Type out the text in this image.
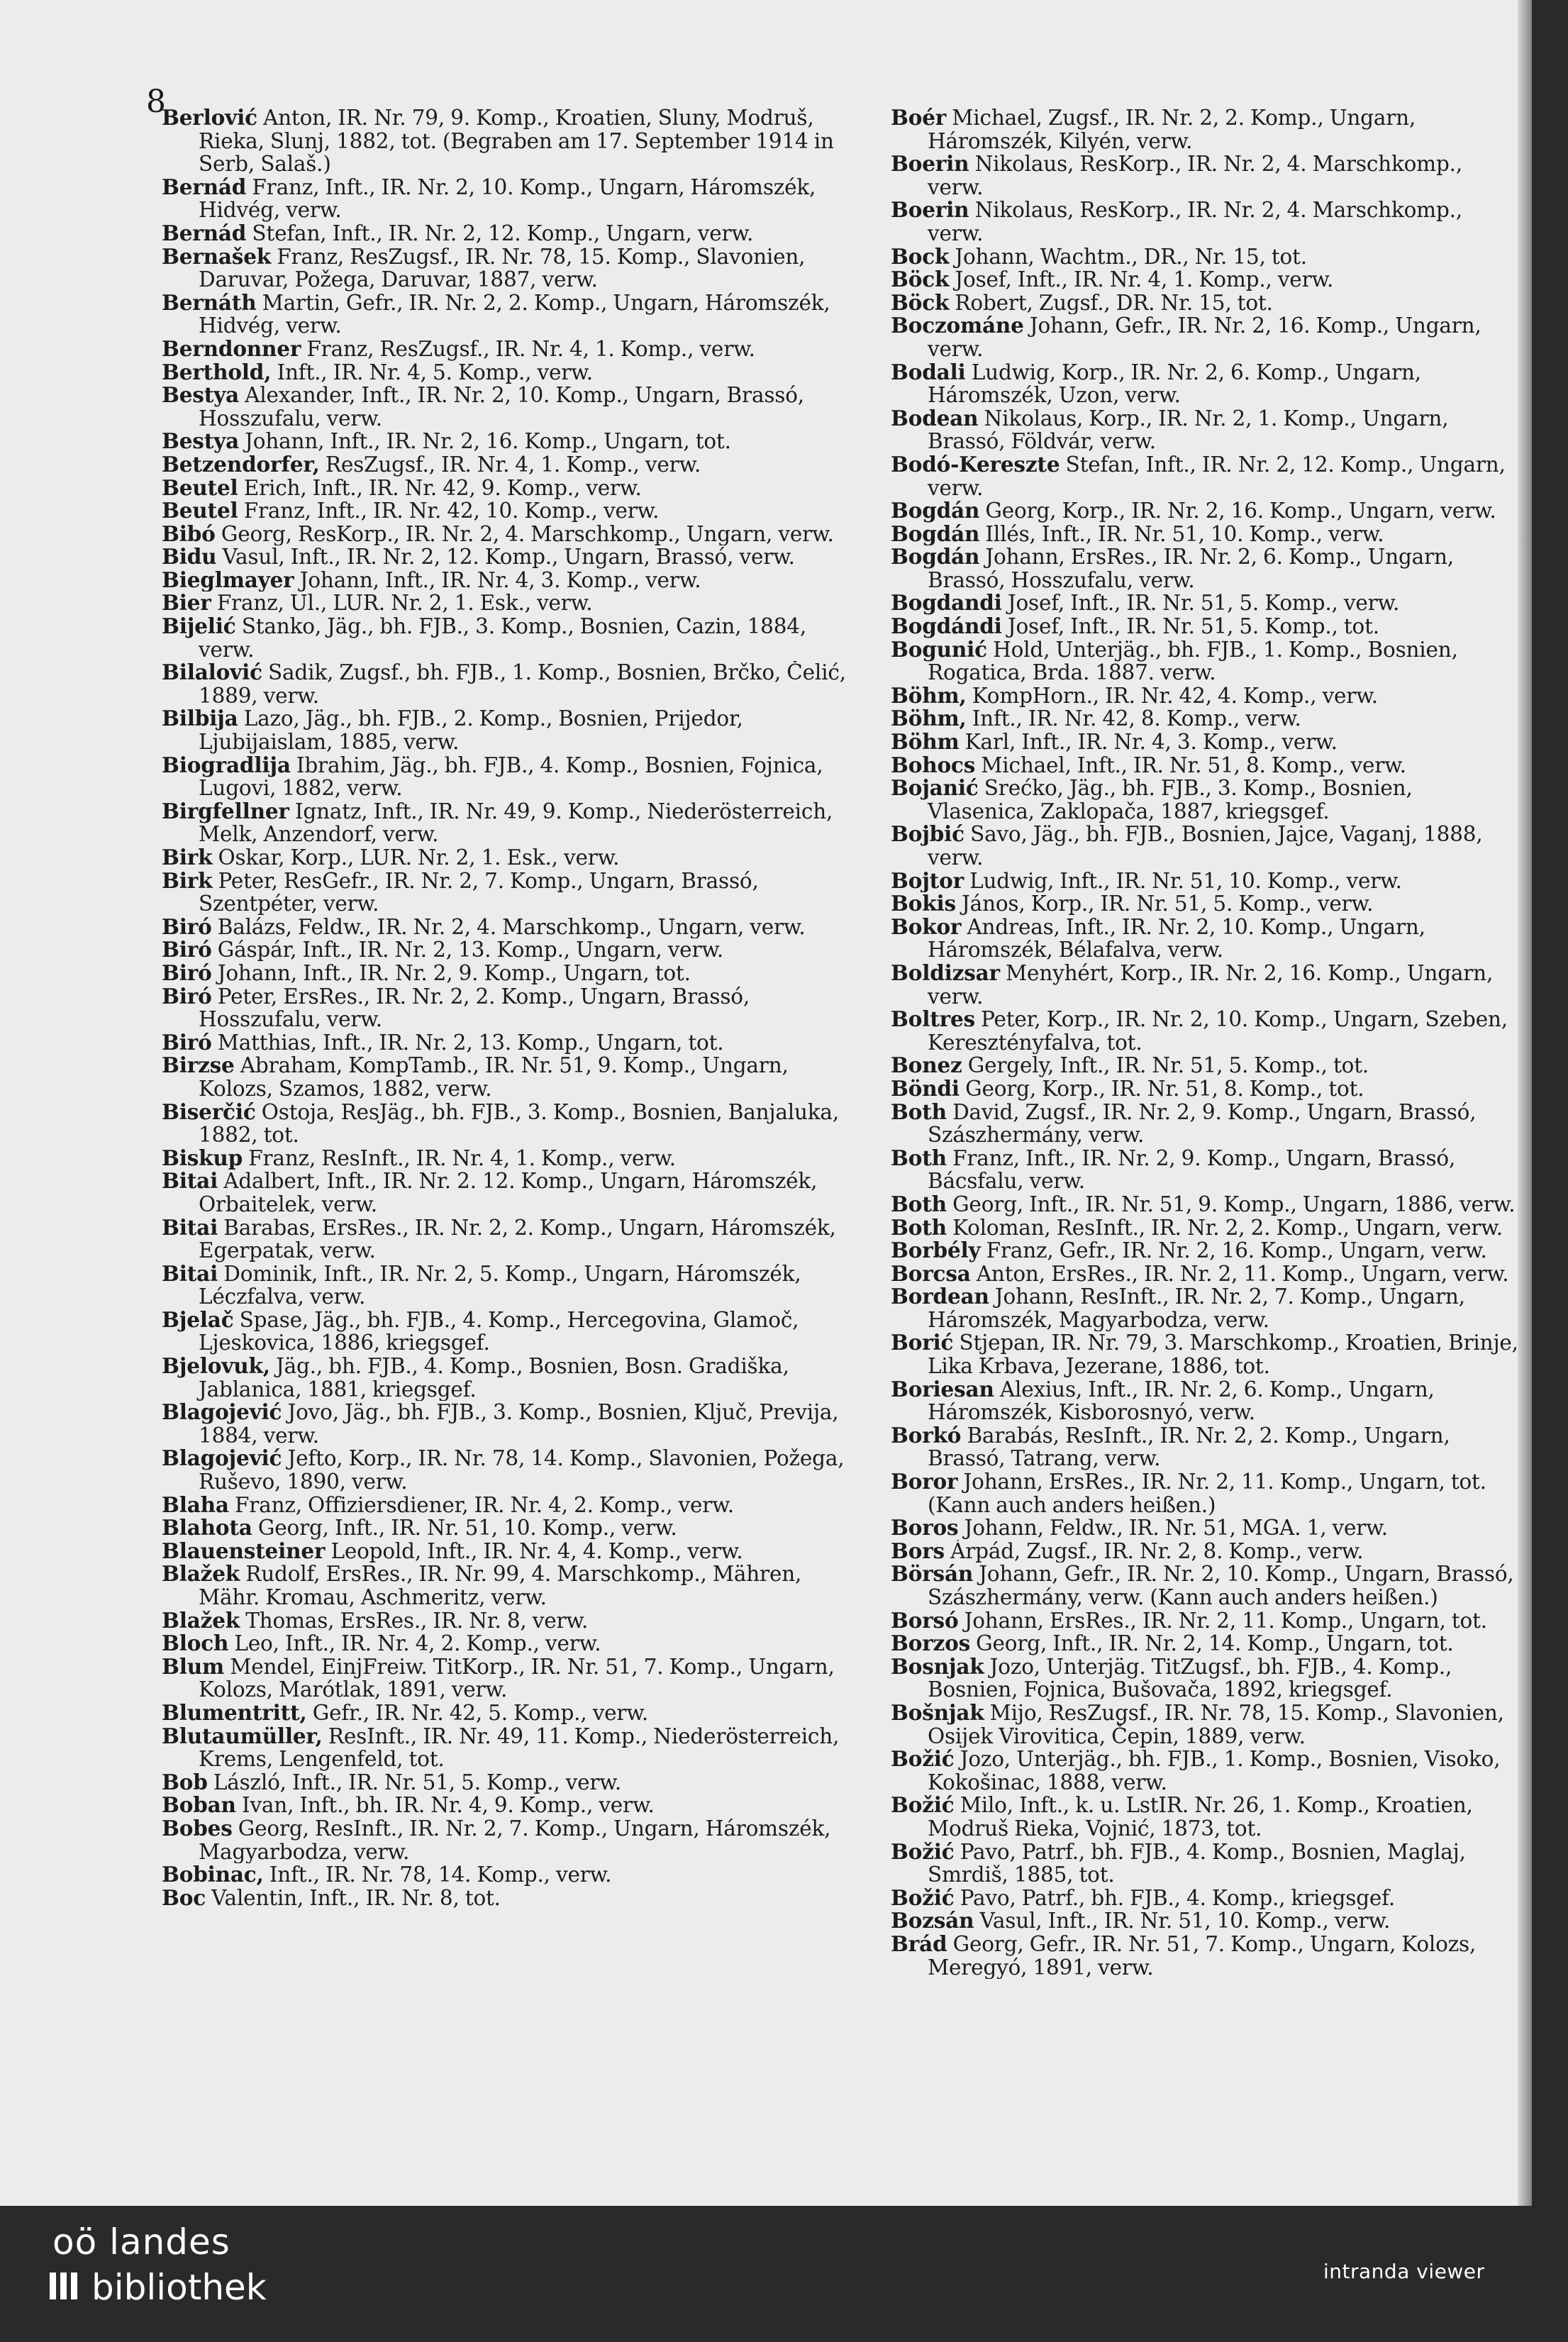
8
Berlović Anton, IR. Nr. 79, 9. Komp., Kroatien, Sluny, Modruš, Rieka, Slunj, 1882, tot. (Begraben am 17. September 1914 in Serb, Salaš.)
Bernád Franz, Inft., IR. Nr. 2, 10. Komp., Ungarn, Háromszék, Hidvég, verw.
Bernád Stefan, Inft., IR. Nr. 2, 12. Komp., Ungarn, verw.
Bernašek Franz, ResZugsf., IR. Nr. 78, 15. Komp., Slavonien, Daruvar, Požega, Daruvar, 1887, verw.
Bernáth Martin, Gefr., IR. Nr. 2, 2. Komp., Ungarn, Háromszék, Hidvég, verw.
Berndonner Franz, ResZugsf., IR. Nr. 4, 1. Komp., verw.
Berthold, Inft., IR. Nr. 4, 5. Komp., verw.
Bestya Alexander, Inft., IR. Nr. 2, 10. Komp., Ungarn, Brassó, Hosszufalu, verw.
Bestya Johann, Inft., IR. Nr. 2, 16. Komp., Ungarn, tot.
Betzendorfer, ResZugsf., IR. Nr. 4, 1. Komp., verw.
Beutel Erich, Inft., IR. Nr. 42, 9. Komp., verw.
Beutel Franz, Inft., IR. Nr. 42, 10. Komp., verw.
Bibó Georg, ResKorp., IR. Nr. 2, 4. Marschkomp., Ungarn, verw.
Bidu Vasul, Inft., IR. Nr. 2, 12. Komp., Ungarn, Brassó, verw.
Bieglmayer Johann, Inft., IR. Nr. 4, 3. Komp., verw.
Bier Franz, Ul., LUR. Nr. 2, 1. Esk., verw.
Bijelić Stanko, Jäg., bh. FJB., 3. Komp., Bosnien, Cazin, 1884, verw.
Bilalović Sadik, Zugsf., bh. FJB., 1. Komp., Bosnien, Brčko, Čelić, 1889, verw.
Bilbija Lazo, Jäg., bh. FJB., 2. Komp., Bosnien, Prijedor, Ljubijaislam, 1885, verw.
Biogradlija Ibrahim, Jäg., bh. FJB., 4. Komp., Bosnien, Fojnica, Lugovi, 1882, verw.
Birgfellner Ignatz, Inft., IR. Nr. 49, 9. Komp., Niederösterreich, Melk, Anzendorf, verw.
Birk Oskar, Korp., LUR. Nr. 2, 1. Esk., verw.
Birk Peter, ResGefr., IR. Nr. 2, 7. Komp., Ungarn, Brassó, Szentpéter, verw.
Biró Balázs, Feldw., IR. Nr. 2, 4. Marschkomp., Ungarn, verw.
Biró Gáspár, Inft., IR. Nr. 2, 13. Komp., Ungarn, verw.
Biró Johann, Inft., IR. Nr. 2, 9. Komp., Ungarn, tot.
Biró Peter, ErsRes., IR. Nr. 2, 2. Komp., Ungarn, Brassó, Hosszufalu, verw.
Biró Matthias, Inft., IR. Nr. 2, 13. Komp., Ungarn, tot.
Birzse Abraham, KompTamb., IR. Nr. 51, 9. Komp., Ungarn, Kolozs, Szamos, 1882, verw.
Biserčić Ostoja, ResJäg., bh. FJB., 3. Komp., Bosnien, Banjaluka, 1882, tot.
Biskup Franz, ResInft., IR. Nr. 4, 1. Komp., verw.
Bitai Adalbert, Inft., IR. Nr. 2. 12. Komp., Ungarn, Háromszék, Orbaitelek, verw.
Bitai Barabas, ErsRes., IR. Nr. 2, 2. Komp., Ungarn, Háromszék, Egerpatak, verw.
Bitai Dominik, Inft., IR. Nr. 2, 5. Komp., Ungarn, Háromszék, Léczfalva, verw.
Bjelač Spase, Jäg., bh. FJB., 4. Komp., Hercegovina, Glamoč, Ljeskovica, 1886, kriegsgef.
Bjelovuk, Jäg., bh. FJB., 4. Komp., Bosnien, Bosn. Gradiška, Jablanica, 1881, kriegsgef.
Blagojević Jovo, Jäg., bh. FJB., 3. Komp., Bosnien, Ključ, Previja, 1884, verw.
Blagojević Jefto, Korp., IR. Nr. 78, 14. Komp., Slavonien, Požega, Ruševo, 1890, verw.
Blaha Franz, Offiziersdiener, IR. Nr. 4, 2. Komp., verw.
Blahota Georg, Inft., IR. Nr. 51, 10. Komp., verw.
Blauensteiner Leopold, Inft., IR. Nr. 4, 4. Komp., verw.
Blažek Rudolf, ErsRes., IR. Nr. 99, 4. Marschkomp., Mähren, Mähr. Kromau, Aschmeritz, verw.
Blažek Thomas, ErsRes., IR. Nr. 8, verw.
Bloch Leo, Inft., IR. Nr. 4, 2. Komp., verw.
Blum Mendel, EinjFreiw. TitKorp., IR. Nr. 51, 7. Komp., Ungarn, Kolozs, Marótlak, 1891, verw.
Blumentritt, Gefr., IR. Nr. 42, 5. Komp., verw.
Blutaumüller, ResInft., IR. Nr. 49, 11. Komp., Niederösterreich, Krems, Lengenfeld, tot.
Bob László, Inft., IR. Nr. 51, 5. Komp., verw.
Boban Ivan, Inft., bh. IR. Nr. 4, 9. Komp., verw.
Bobes Georg, ResInft., IR. Nr. 2, 7. Komp., Ungarn, Háromszék, Magyarbodza, verw.
Bobinac, Inft., IR. Nr. 78, 14. Komp., verw.
Boc Valentin, Inft., IR. Nr. 8, tot.
Boér Michael, Zugsf., IR. Nr. 2, 2. Komp., Ungarn, Háromszék, Kilyén, verw.
Boerin Nikolaus, ResKorp., IR. Nr. 2, 4. Marschkomp., verw.
Boerin Nikolaus, ResKorp., IR. Nr. 2, 4. Marschkomp., verw.
Bock Johann, Wachtm., DR., Nr. 15, tot.
Böck Josef, Inft., IR. Nr. 4, 1. Komp., verw.
Böck Robert, Zugsf., DR. Nr. 15, tot.
Boczománe Johann, Gefr., IR. Nr. 2, 16. Komp., Ungarn, verw.
Bodali Ludwig, Korp., IR. Nr. 2, 6. Komp., Ungarn, Háromszék, Uzon, verw.
Bodean Nikolaus, Korp., IR. Nr. 2, 1. Komp., Ungarn, Brassó, Földvár, verw.
Bodó-Kereszte Stefan, Inft., IR. Nr. 2, 12. Komp., Ungarn, verw.
Bogdán Georg, Korp., IR. Nr. 2, 16. Komp., Ungarn, verw.
Bogdán Illés, Inft., IR. Nr. 51, 10. Komp., verw.
Bogdán Johann, ErsRes., IR. Nr. 2, 6. Komp., Ungarn, Brassó, Hosszufalu, verw.
Bogdandi Josef, Inft., IR. Nr. 51, 5. Komp., verw.
Bogdándi Josef, Inft., IR. Nr. 51, 5. Komp., tot.
Bogunić Hold, Unterjäg., bh. FJB., 1. Komp., Bosnien, Rogatica, Brda. 1887. verw.
Böhm, KompHorn., IR. Nr. 42, 4. Komp., verw.
Böhm, Inft., IR. Nr. 42, 8. Komp., verw.
Böhm Karl, Inft., IR. Nr. 4, 3. Komp., verw.
Bohocs Michael, Inft., IR. Nr. 51, 8. Komp., verw.
Bojanić Srećko, Jäg., bh. FJB., 3. Komp., Bosnien, Vlasenica, Zaklopača, 1887, kriegsgef.
Bojbić Savo, Jäg., bh. FJB., Bosnien, Jajce, Vaganj, 1888, verw.
Bojtor Ludwig, Inft., IR. Nr. 51, 10. Komp., verw.
Bokis János, Korp., IR. Nr. 51, 5. Komp., verw.
Bokor Andreas, Inft., IR. Nr. 2, 10. Komp., Ungarn, Háromszék, Bélafalva, verw.
Boldizsar Menyhért, Korp., IR. Nr. 2, 16. Komp., Ungarn, verw.
Boltres Peter, Korp., IR. Nr. 2, 10. Komp., Ungarn, Szeben, Keresztényfalva, tot.
Bonez Gergely, Inft., IR. Nr. 51, 5. Komp., tot.
Böndi Georg, Korp., IR. Nr. 51, 8. Komp., tot.
Both David, Zugsf., IR. Nr. 2, 9. Komp., Ungarn, Brassó, Szászhermány, verw.
Both Franz, Inft., IR. Nr. 2, 9. Komp., Ungarn, Brassó, Bácsfalu, verw.
Both Georg, Inft., IR. Nr. 51, 9. Komp., Ungarn, 1886, verw.
Both Koloman, ResInft., IR. Nr. 2, 2. Komp., Ungarn, verw.
Borbély Franz, Gefr., IR. Nr. 2, 16. Komp., Ungarn, verw.
Borcsa Anton, ErsRes., IR. Nr. 2, 11. Komp., Ungarn, verw.
Bordean Johann, ResInft., IR. Nr. 2, 7. Komp., Ungarn, Háromszék, Magyarbodza, verw.
Borić Stjepan, IR. Nr. 79, 3. Marschkomp., Kroatien, Brinje, Lika Krbava, Jezerane, 1886, tot.
Boriesan Alexius, Inft., IR. Nr. 2, 6. Komp., Ungarn, Háromszék, Kisborosnyó, verw.
Borkó Barabás, ResInft., IR. Nr. 2, 2. Komp., Ungarn, Brassó, Tatrang, verw.
Boror Johann, ErsRes., IR. Nr. 2, 11. Komp., Ungarn, tot. (Kann auch anders heißen.)
Boros Johann, Feldw., IR. Nr. 51, MGA. 1, verw.
Bors Árpád, Zugsf., IR. Nr. 2, 8. Komp., verw.
Börsán Johann, Gefr., IR. Nr. 2, 10. Komp., Ungarn, Brassó, Szászhermány, verw. (Kann auch anders heißen.)
Borsó Johann, ErsRes., IR. Nr. 2, 11. Komp., Ungarn, tot.
Borzos Georg, Inft., IR. Nr. 2, 14. Komp., Ungarn, tot.
Bosnjak Jozo, Unterjäg. TitZugsf., bh. FJB., 4. Komp., Bosnien, Fojnica, Bušovača, 1892, kriegsgef.
Bošnjak Mijo, ResZugsf., IR. Nr. 78, 15. Komp., Slavonien, Osijek Virovitica, Čepin, 1889, verw.
Božić Jozo, Unterjäg., bh. FJB., 1. Komp., Bosnien, Visoko, Kokošinac, 1888, verw.
Božić Milo, Inft., k. u. LstIR. Nr. 26, 1. Komp., Kroatien, Modruš Rieka, Vojnić, 1873, tot.
Božić Pavo, Patrf., bh. FJB., 4. Komp., Bosnien, Maglaj, Smrdiš, 1885, tot.
Božić Pavo, Patrf., bh. FJB., 4. Komp., kriegsgef.
Bozsán Vasul, Inft., IR. Nr. 51, 10. Komp., verw.
Brád Georg, Gefr., IR. Nr. 51, 7. Komp., Ungarn, Kolozs, Meregyó, 1891, verw.
oö landes
bibliothek	intranda viewer
